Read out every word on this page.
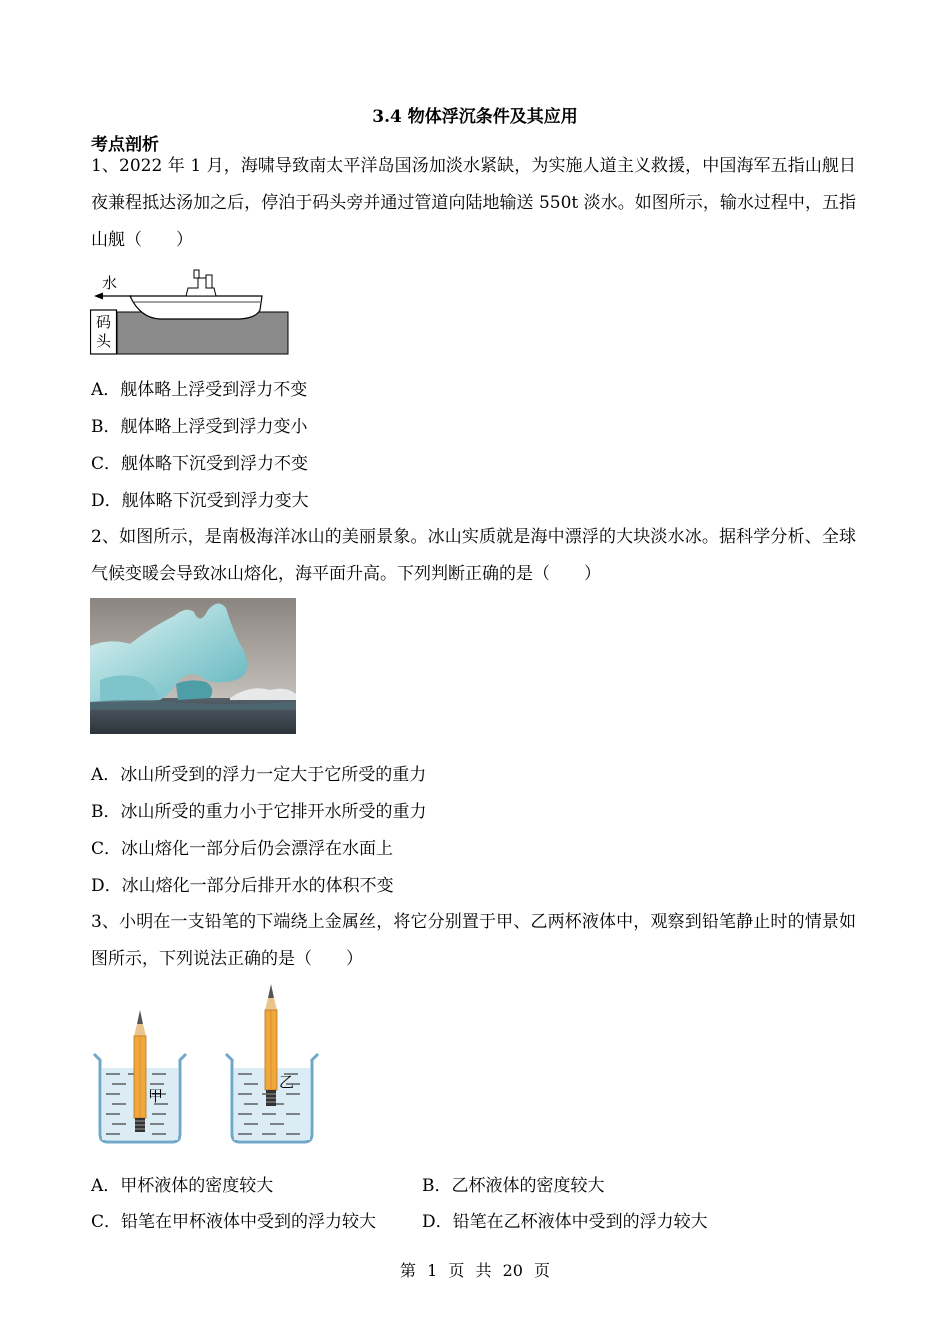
3.4 物体浮沉条件及其应用
考点剖析
1、2022 年 1 月，海啸导致南太平洋岛国汤加淡水紧缺，为实施人道主义救援，中国海军五指山舰日夜兼程抵达汤加之后，停泊于码头旁并通过管道向陆地输送 550t 淡水。如图所示，输水过程中，五指山舰（　　）
水
码
头
A．舰体略上浮受到浮力不变
B．舰体略上浮受到浮力变小
C．舰体略下沉受到浮力不变
D．舰体略下沉受到浮力变大
2、如图所示，是南极海洋冰山的美丽景象。冰山实质就是海中漂浮的大块淡水冰。据科学分析、全球气候变暖会导致冰山熔化，海平面升高。下列判断正确的是（　　）
A．冰山所受到的浮力一定大于它所受的重力
B．冰山所受的重力小于它排开水所受的重力
C．冰山熔化一部分后仍会漂浮在水面上
D．冰山熔化一部分后排开水的体积不变
3、小明在一支铅笔的下端绕上金属丝，将它分别置于甲、乙两杯液体中，观察到铅笔静止时的情景如图所示，下列说法正确的是（　　）
甲
乙
A．甲杯液体的密度较大	B．乙杯液体的密度较大
C．铅笔在甲杯液体中受到的浮力较大	D．铅笔在乙杯液体中受到的浮力较大
第 1 页 共 20 页
